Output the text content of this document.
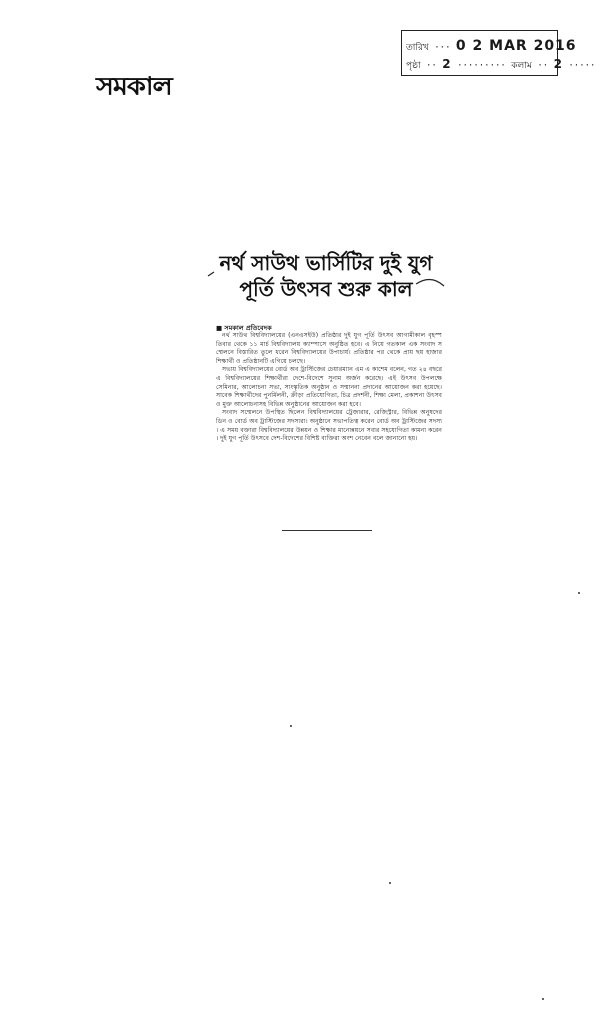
তারিখ ··· 0 2 MAR 2016
পৃষ্ঠা ·· 2 ········· কলাম ·· 2 ·····
সমকাল
নর্থ সাউথ ভার্সিটির দুই যুগ
পূর্তি উৎসব শুরু কাল
■ সমকাল প্রতিবেদক

নর্থ সাউথ বিশ্ববিদ্যালয়ের (এনএসইউ) প্রতিষ্ঠার দুই যুগ পূর্তি উৎসব আগামীকাল বৃহস্পতিবার থেকে ১১ মার্চ বিশ্ববিদ্যালয় ক্যাম্পাসে অনুষ্ঠিত হবে। এ নিয়ে গতকাল এক সংবাদ সম্মেলনে বিস্তারিত তুলে ধরেন বিশ্ববিদ্যালয়ের উপাচার্য। প্রতিষ্ঠার পর থেকে প্রায় ছয় হাজার শিক্ষার্থী ও প্রতিষ্ঠানটি এগিয়ে চলছে।

সভায় বিশ্ববিদ্যালয়ের বোর্ড অব ট্রাস্টিজের চেয়ারম্যান এম এ কাশেম বলেন, গত ২৪ বছরে এ বিশ্ববিদ্যালয়ের শিক্ষার্থীরা দেশে-বিদেশে সুনাম অর্জন করেছে। এই উৎসব উপলক্ষে সেমিনার, আলোচনা সভা, সাংস্কৃতিক অনুষ্ঠান ও সম্মাননা প্রদানের আয়োজন করা হয়েছে। সাবেক শিক্ষার্থীদের পুনর্মিলনী, ক্রীড়া প্রতিযোগিতা, চিত্র প্রদর্শনী, শিক্ষা মেলা, প্রকাশনা উৎসব ও মুক্ত আলোচনাসহ বিভিন্ন অনুষ্ঠানের আয়োজন করা হবে।

সংবাদ সম্মেলনে উপস্থিত ছিলেন বিশ্ববিদ্যালয়ের ট্রেজারার, রেজিস্ট্রার, বিভিন্ন অনুষদের ডিন ও বোর্ড অব ট্রাস্টিজের সদস্যরা। অনুষ্ঠানে সভাপতিত্ব করেন বোর্ড অব ট্রাস্টিজের সদস্য। এ সময় বক্তারা বিশ্ববিদ্যালয়ের উন্নয়ন ও শিক্ষার মানোন্নয়নে সবার সহযোগিতা কামনা করেন। দুই যুগ পূর্তি উৎসবে দেশ-বিদেশের বিশিষ্ট ব্যক্তিরা অংশ নেবেন বলে জানানো হয়।
